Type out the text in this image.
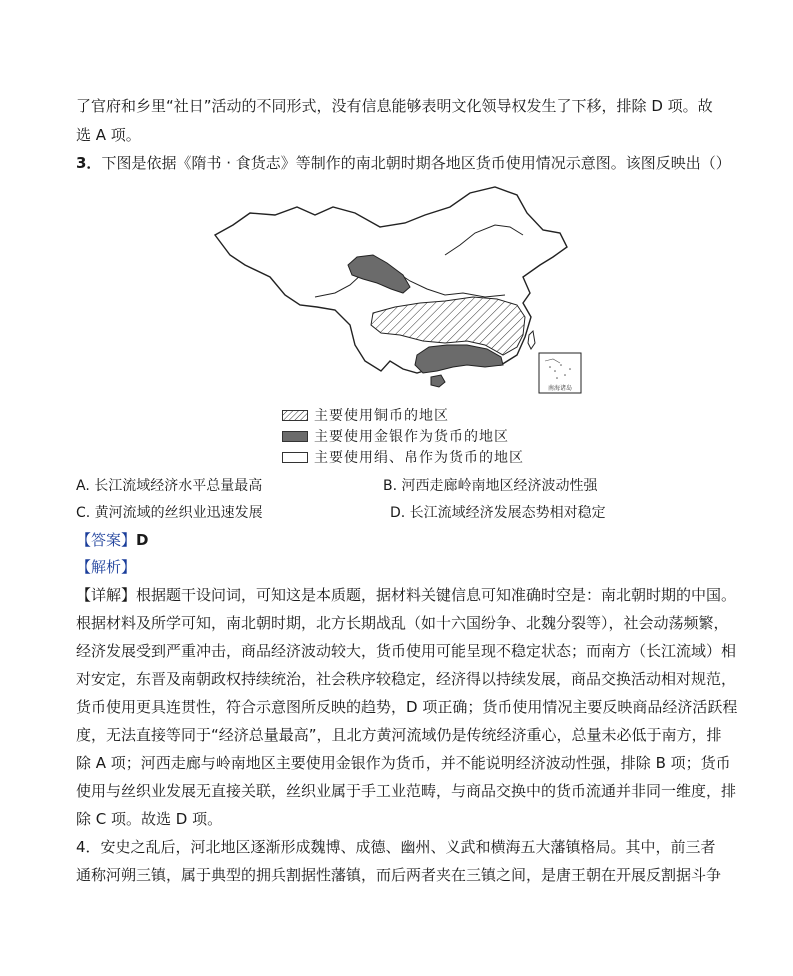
了官府和乡里“社日”活动的不同形式，没有信息能够表明文化领导权发生了下移，排除 D 项。故
选 A 项。
3．下图是依据《隋书 · 食货志》等制作的南北朝时期各地区货币使用情况示意图。该图反映出（）
南海诸岛
主要使用铜币的地区
主要使用金银作为货币的地区
主要使用绢、帛作为货币的地区
A. 长江流域经济水平总量最高	B. 河西走廊岭南地区经济波动性强
C. 黄河流域的丝织业迅速发展	D. 长江流域经济发展态势相对稳定
【答案】D
【解析】
【详解】根据题干设问词，可知这是本质题，据材料关键信息可知准确时空是：南北朝时期的中国。
根据材料及所学可知，南北朝时期，北方长期战乱（如十六国纷争、北魏分裂等），社会动荡频繁，
经济发展受到严重冲击，商品经济波动较大，货币使用可能呈现不稳定状态；而南方（长江流域）相
对安定，东晋及南朝政权持续统治，社会秩序较稳定，经济得以持续发展，商品交换活动相对规范，
货币使用更具连贯性，符合示意图所反映的趋势，D 项正确；货币使用情况主要反映商品经济活跃程
度，无法直接等同于“经济总量最高”，且北方黄河流域仍是传统经济重心，总量未必低于南方，排
除 A 项；河西走廊与岭南地区主要使用金银作为货币，并不能说明经济波动性强，排除 B 项；货币
使用与丝织业发展无直接关联，丝织业属于手工业范畴，与商品交换中的货币流通并非同一维度，排
除 C 项。故选 D 项。
4．安史之乱后，河北地区逐渐形成魏博、成德、幽州、义武和横海五大藩镇格局。其中，前三者
通称河朔三镇，属于典型的拥兵割据性藩镇，而后两者夹在三镇之间，是唐王朝在开展反割据斗争
